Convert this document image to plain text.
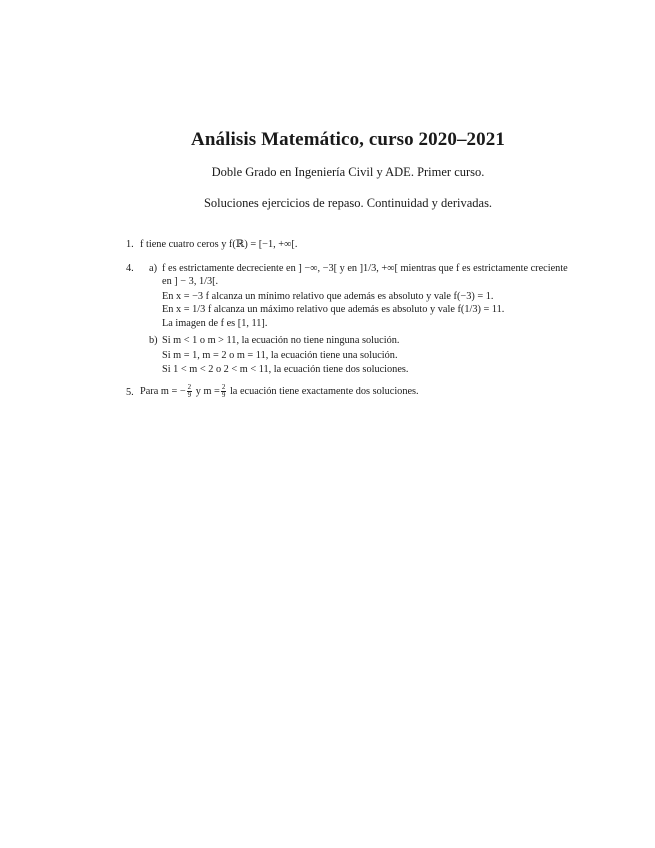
Análisis Matemático, curso 2020–2021
Doble Grado en Ingeniería Civil y ADE. Primer curso.
Soluciones ejercicios de repaso. Continuidad y derivadas.
1. f tiene cuatro ceros y f(ℝ) = [−1, +∞[.
4. a) f es estrictamente decreciente en ] −∞, −3[ y en ]1/3, +∞[ mientras que f es estrictamente creciente
en ] − 3, 1/3[.
En x = −3 f alcanza un mínimo relativo que además es absoluto y vale f(−3) = 1.
En x = 1/3 f alcanza un máximo relativo que además es absoluto y vale f(1/3) = 11.
La imagen de f es [1, 11].
b) Si m < 1 o m > 11, la ecuación no tiene ninguna solución.
Si m = 1, m = 2 o m = 11, la ecuación tiene una solución.
Si 1 < m < 2 o 2 < m < 11, la ecuación tiene dos soluciones.
5. Para m = − $\frac{2}{9}$ y $m = \frac{2}{9}$ la ecuación tiene exactamente dos soluciones.
